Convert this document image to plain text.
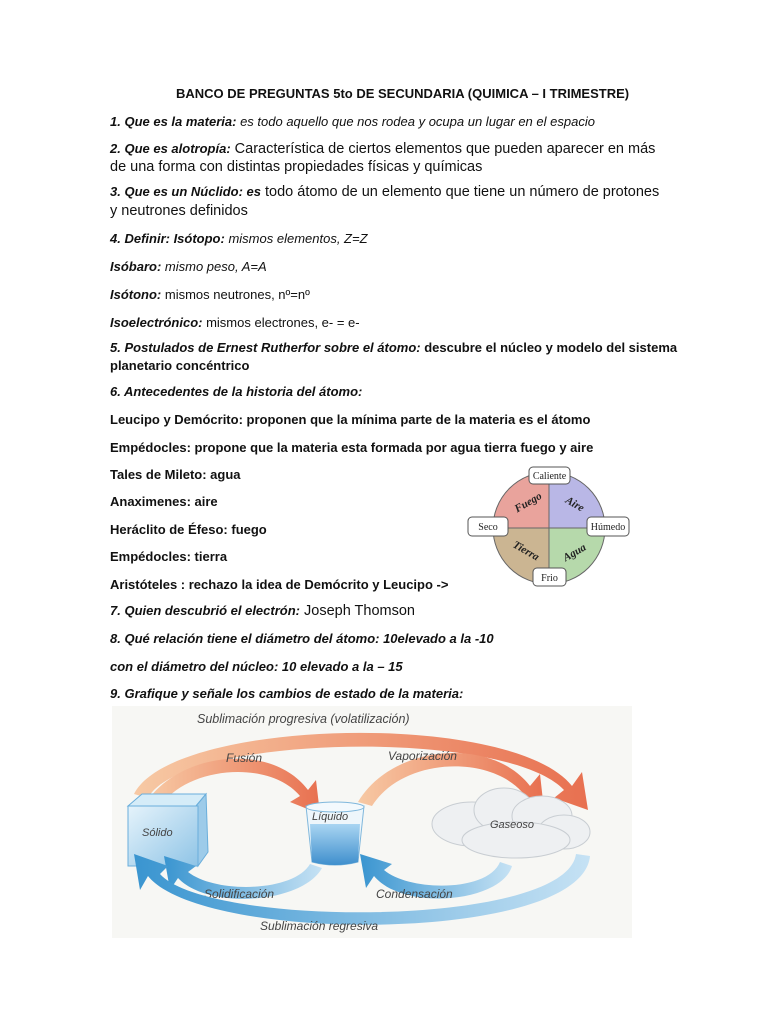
BANCO DE PREGUNTAS 5to DE SECUNDARIA (QUIMICA – I TRIMESTRE)
1. Que es la materia: es todo aquello que nos rodea y ocupa un lugar en el espacio
2. Que es alotropía: Característica de ciertos elementos que pueden aparecer en más
de una forma con distintas propiedades físicas y químicas
3. Que es un Núclido: es todo átomo de un elemento que tiene un número de protones
y neutrones definidos
4. Definir: Isótopo: mismos elementos, Z=Z
Isóbaro: mismo peso, A=A
Isótono: mismos neutrones, nº=nº
Isoelectrónico: mismos electrones, e- = e-
5. Postulados de Ernest Rutherfor sobre el átomo: descubre el núcleo y modelo del sistema
planetario concéntrico
6. Antecedentes de la historia del átomo:
Leucipo y Demócrito: proponen que la mínima parte de la materia es el átomo
Empédocles: propone que la materia esta formada por agua tierra fuego y aire
Tales de Mileto: agua
Anaximenes: aire
Heráclito de Éfeso: fuego
Empédocles: tierra
Aristóteles : rechazo la idea de Demócrito y Leucipo ->
Fuego Aire
Tierra Agua
Caliente
Seco	Húmedo
Frio
7. Quien descubrió el electrón: Joseph Thomson
8. Qué relación tiene el diámetro del átomo: 10elevado a la -10
con el diámetro del núcleo: 10 elevado a la – 15
9. Grafique y señale los cambios de estado de la materia:
Sublimación progresiva (volatilización)
Fusión	Vaporización
Sólido
Líquido
Gaseoso
Solidificación	Condensación
Sublimación regresiva
